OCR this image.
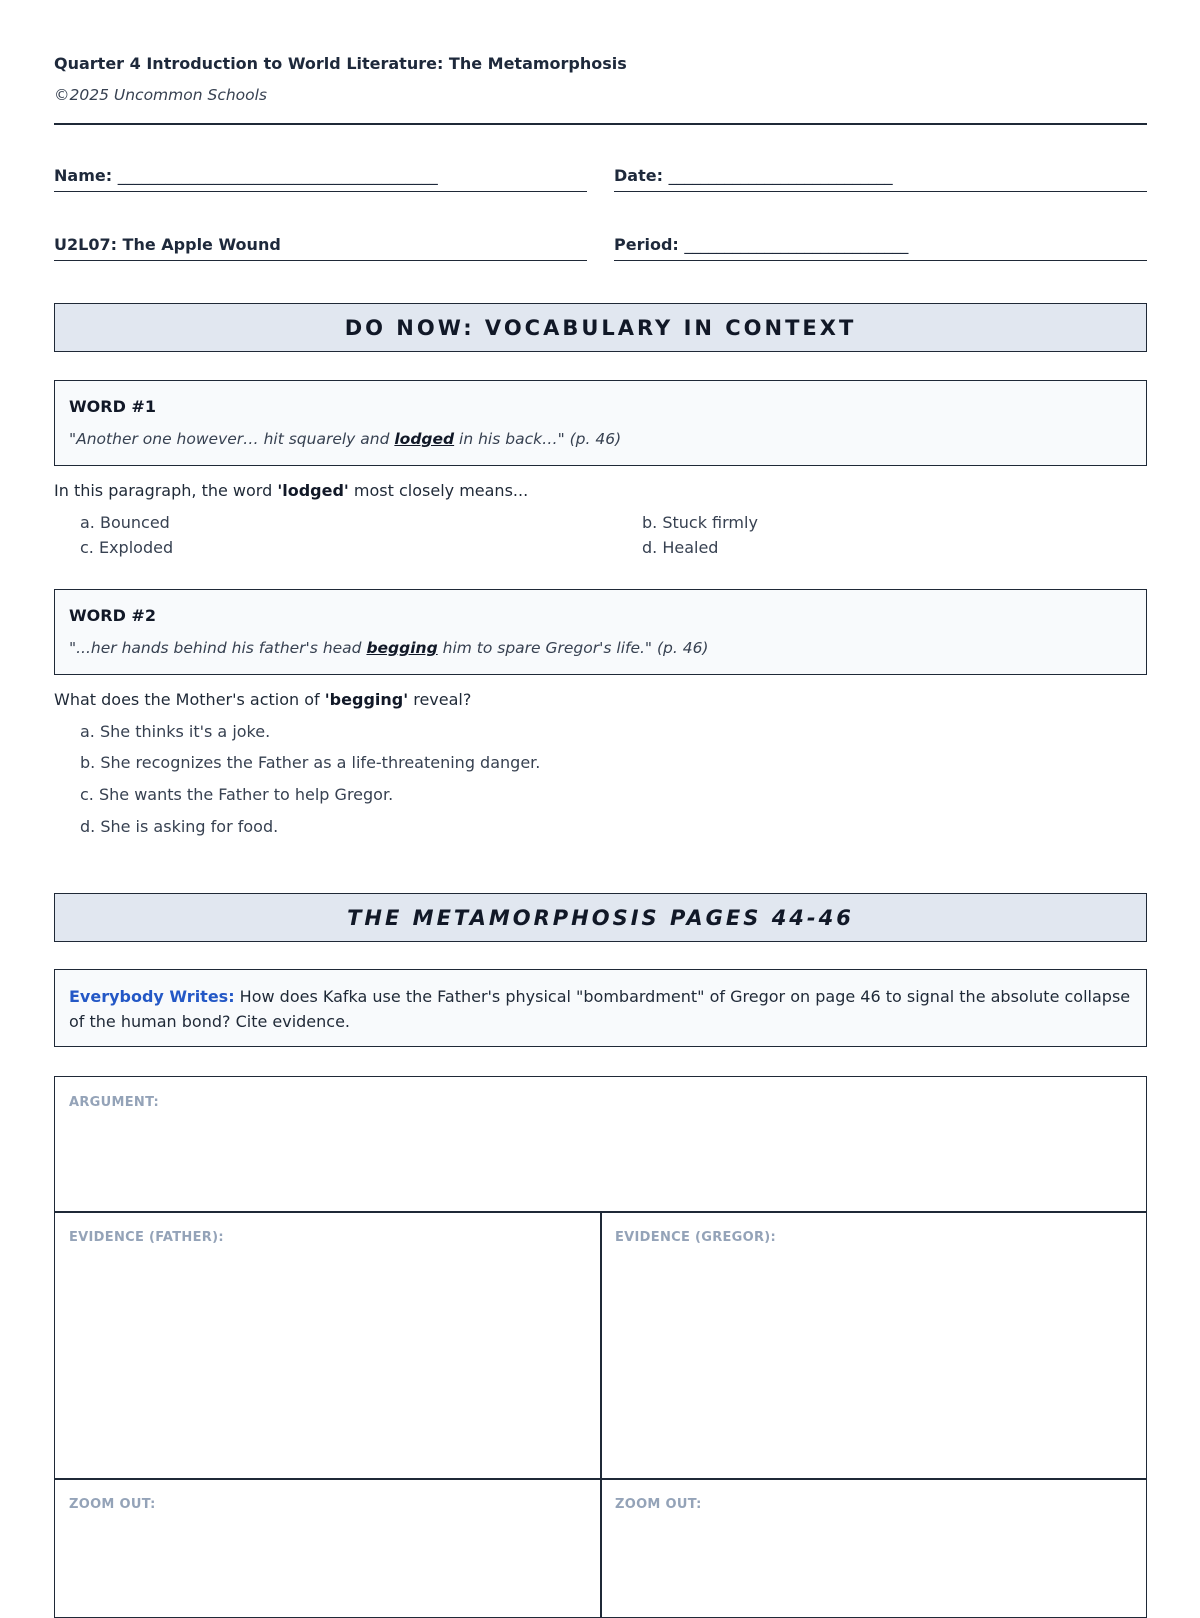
Quarter 4 Introduction to World Literature: The Metamorphosis
©2025 Uncommon Schools
Name: ________________________________________	Date: ____________________________
U2L07: The Apple Wound	Period: ____________________________
DO NOW: VOCABULARY IN CONTEXT
WORD #1
"Another one however… hit squarely and lodged in his back…" (p. 46)
In this paragraph, the word 'lodged' most closely means...
a. Bounced	b. Stuck firmly
c. Exploded	d. Healed
WORD #2
"...her hands behind his father's head begging him to spare Gregor's life." (p. 46)
What does the Mother's action of 'begging' reveal?
a. She thinks it's a joke.
b. She recognizes the Father as a life-threatening danger.
c. She wants the Father to help Gregor.
d. She is asking for food.
THE METAMORPHOSIS PAGES 44-46
Everybody Writes: How does Kafka use the Father's physical "bombardment" of Gregor on page 46 to signal the absolute collapse of the human bond? Cite evidence.
ARGUMENT:
EVIDENCE (FATHER):	EVIDENCE (GREGOR):
ZOOM OUT:	ZOOM OUT:
